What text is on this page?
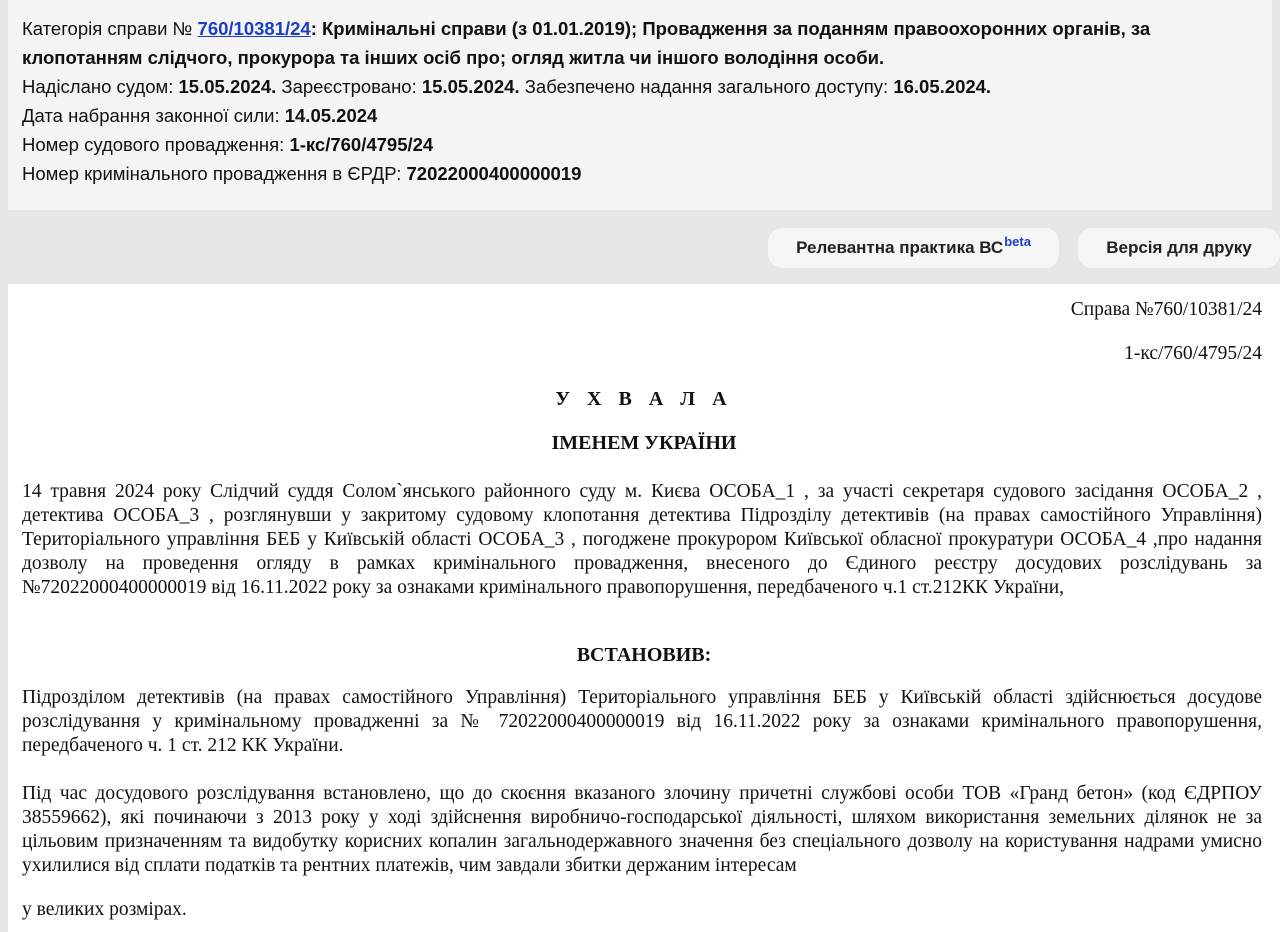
Категорія справи № 760/10381/24: Кримінальні справи (з 01.01.2019); Провадження за поданням правоохоронних органів, за клопотанням слідчого, прокурора та інших осіб про; огляд житла чи іншого володіння особи.
Надіслано судом: 15.05.2024. Зареєстровано: 15.05.2024. Забезпечено надання загального доступу: 16.05.2024.
Дата набрання законної сили: 14.05.2024
Номер судового провадження: 1-кс/760/4795/24
Номер кримінального провадження в ЄРДР: 72022000400000019
Релевантна практика $ВС^{beta}$	Версія для друку
Справа №760/10381/24
1-кс/760/4795/24
У Х В А Л А
ІМЕНЕМ УКРАЇНИ
14 травня 2024 року Слідчий суддя Солом`янського районного суду м. Києва ОСОБА_1 , за участі секретаря судового засідання ОСОБА_2 , детектива ОСОБА_3 , розглянувши у закритому судовому клопотання детектива Підрозділу детективів (на правах самостійного Управління) Територіального управління БЕБ у Київській області ОСОБА_3 , погоджене прокурором Київської обласної прокуратури ОСОБА_4 ,про надання дозволу на проведення огляду в рамках кримінального провадження, внесеного до Єдиного реєстру досудових розслідувань за №72022000400000019 від 16.11.2022 року за ознаками кримінального правопорушення, передбаченого ч.1 ст.212КК України,
ВСТАНОВИВ:
Підрозділом детективів (на правах самостійного Управління) Територіального управління БЕБ у Київській області здійснюється досудове розслідування у кримінальному провадженні за № 72022000400000019 від 16.11.2022 року за ознаками кримінального правопорушення, передбаченого ч. 1 ст. 212 КК України.
Під час досудового розслідування встановлено, що до скоєння вказаного злочину причетні службові особи ТОВ «Гранд бетон» (код ЄДРПОУ 38559662), які починаючи з 2013 року у ході здійснення виробничо-господарської діяльності, шляхом використання земельних ділянок не за цільовим призначенням та видобутку корисних копалин загальнодержавного значення без спеціального дозволу на користування надрами умисно ухилилися від сплати податків та рентних платежів, чим завдали збитки держаним інтересам
у великих розмірах.
